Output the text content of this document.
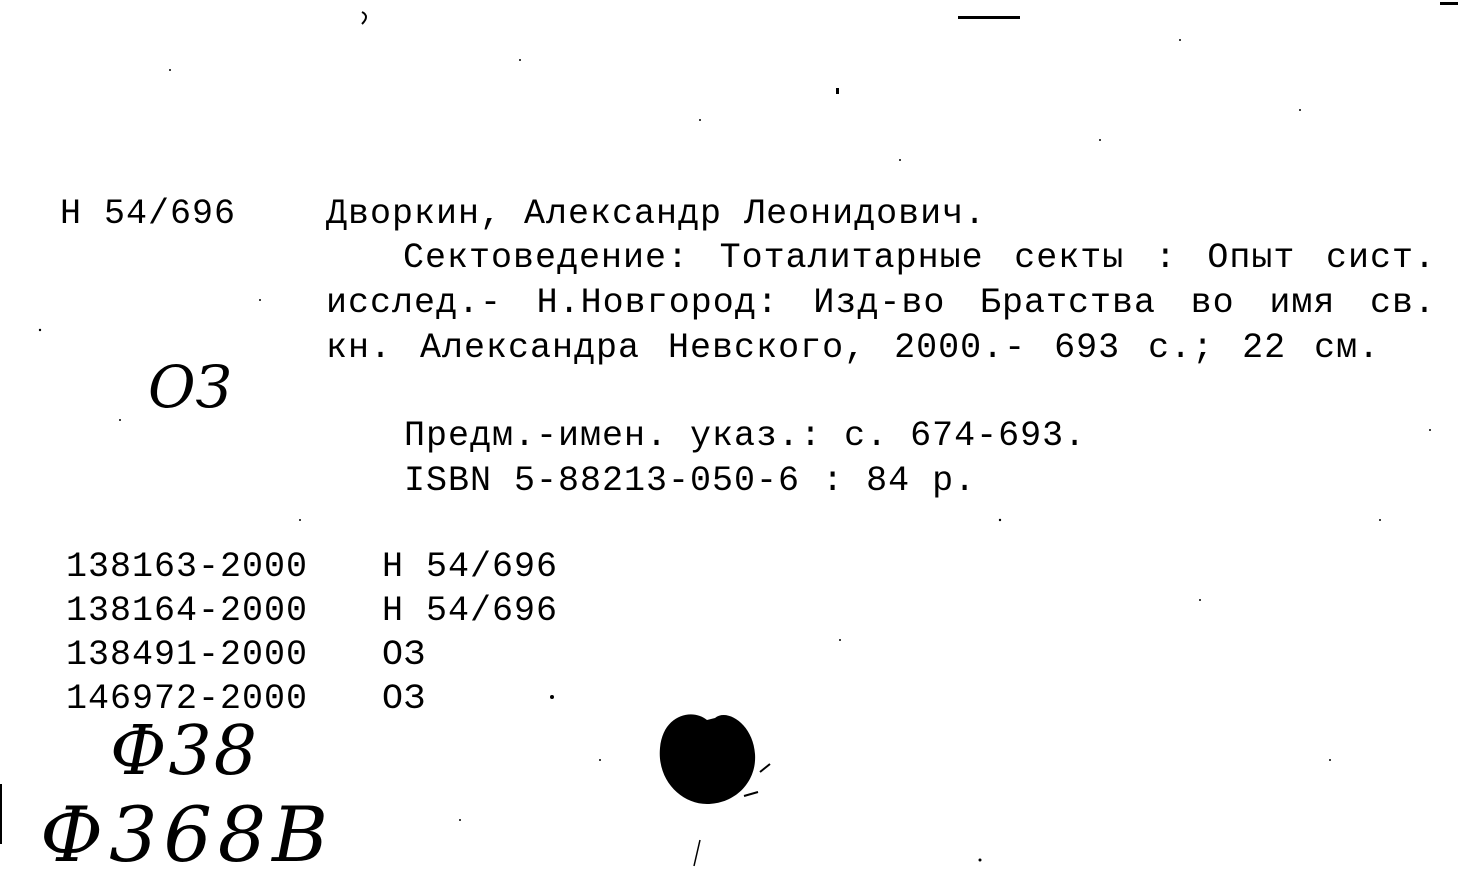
Н 54/696	Дворкин, Александр Леонидович.
Сектоведение: Тоталитарные секты : Опыт сист. исслед.- Н.Новгород: Изд-во Братства во имя св. кн. Александра Невского, 2000.- 693 с.; 22 см.
Предм.-имен. указ.: с. 674-693.
ISBN 5-88213-050-6 : 84 р.
138163-2000	Н 54/696
138164-2000	Н 54/696
138491-2000	ОЗ
146972-2000	ОЗ
ОЗ
Ф38
Ф368В
